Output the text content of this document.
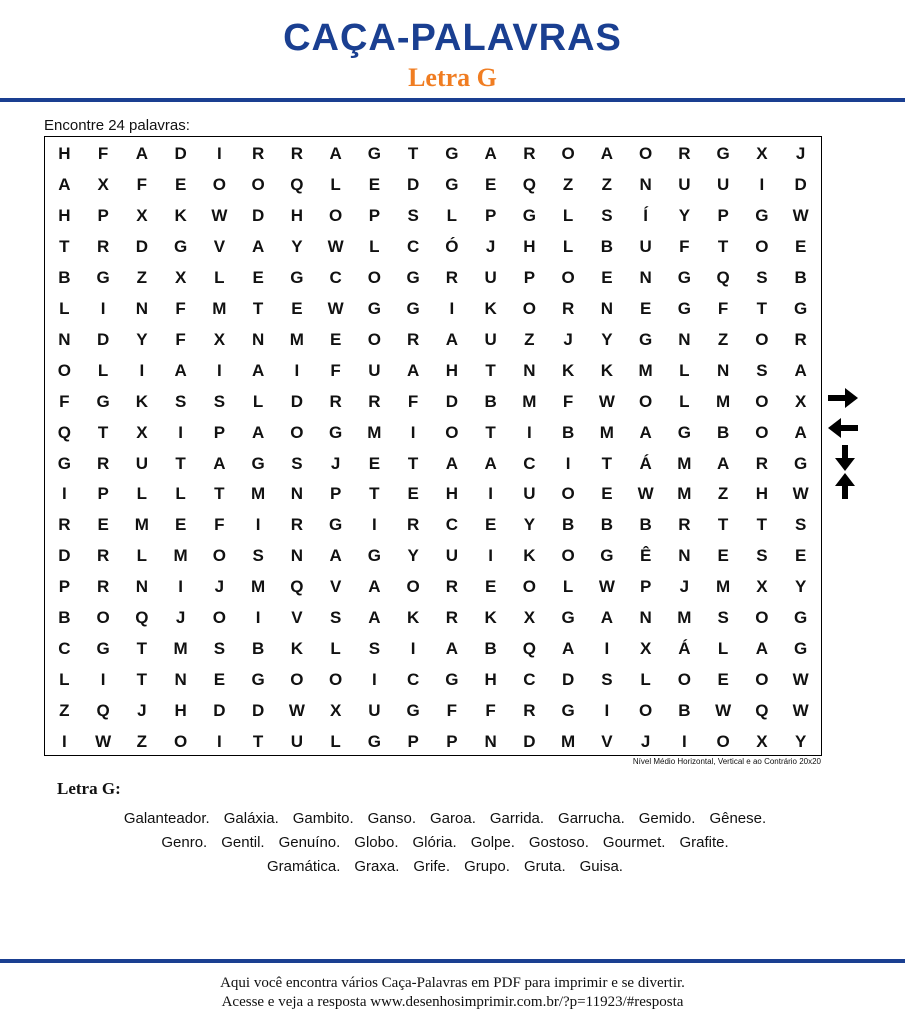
CAÇA-PALAVRAS
Letra G
Encontre 24 palavras:
H	F	A	D	I	R	R	A	G	T	G	A	R	O	A	O	R	G	X	J
A	X	F	E	O	O	Q	L	E	D	G	E	Q	Z	Z	N	U	U	I	D
H	P	X	K	W	D	H	O	P	S	L	P	G	L	S	Í	Y	P	G	W
T	R	D	G	V	A	Y	W	L	C	Ó	J	H	L	B	U	F	T	O	E
B	G	Z	X	L	E	G	C	O	G	R	U	P	O	E	N	G	Q	S	B
L	I	N	F	M	T	E	W	G	G	I	K	O	R	N	E	G	F	T	G
N	D	Y	F	X	N	M	E	O	R	A	U	Z	J	Y	G	N	Z	O	R
O	L	I	A	I	A	I	F	U	A	H	T	N	K	K	M	L	N	S	A
F	G	K	S	S	L	D	R	R	F	D	B	M	F	W	O	L	M	O	X
Q	T	X	I	P	A	O	G	M	I	O	T	I	B	M	A	G	B	O	A
G	R	U	T	A	G	S	J	E	T	A	A	C	I	T	Á	M	A	R	G
I	P	L	L	T	M	N	P	T	E	H	I	U	O	E	W	M	Z	H	W
R	E	M	E	F	I	R	G	I	R	C	E	Y	B	B	B	R	T	T	S
D	R	L	M	O	S	N	A	G	Y	U	I	K	O	G	Ê	N	E	S	E
P	R	N	I	J	M	Q	V	A	O	R	E	O	L	W	P	J	M	X	Y
B	O	Q	J	O	I	V	S	A	K	R	K	X	G	A	N	M	S	O	G
C	G	T	M	S	B	K	L	S	I	A	B	Q	A	I	X	Á	L	A	G
L	I	T	N	E	G	O	O	I	C	G	H	C	D	S	L	O	E	O	W
Z	Q	J	H	D	D	W	X	U	G	F	F	R	G	I	O	B	W	Q	W
I	W	Z	O	I	T	U	L	G	P	P	N	D	M	V	J	I	O	X	Y
Nível Médio Horizontal, Vertical e ao Contrário 20x20
Letra G:
Galanteador. Galáxia. Gambito. Ganso. Garoa. Garrida. Garrucha. Gemido. Gênese.
Genro. Gentil. Genuíno. Globo. Glória. Golpe. Gostoso. Gourmet. Grafite.
Gramática. Graxa. Grife. Grupo. Gruta. Guisa.
Aqui você encontra vários Caça-Palavras em PDF para imprimir e se divertir.
Acesse e veja a resposta www.desenhosimprimir.com.br/?p=11923/#resposta
